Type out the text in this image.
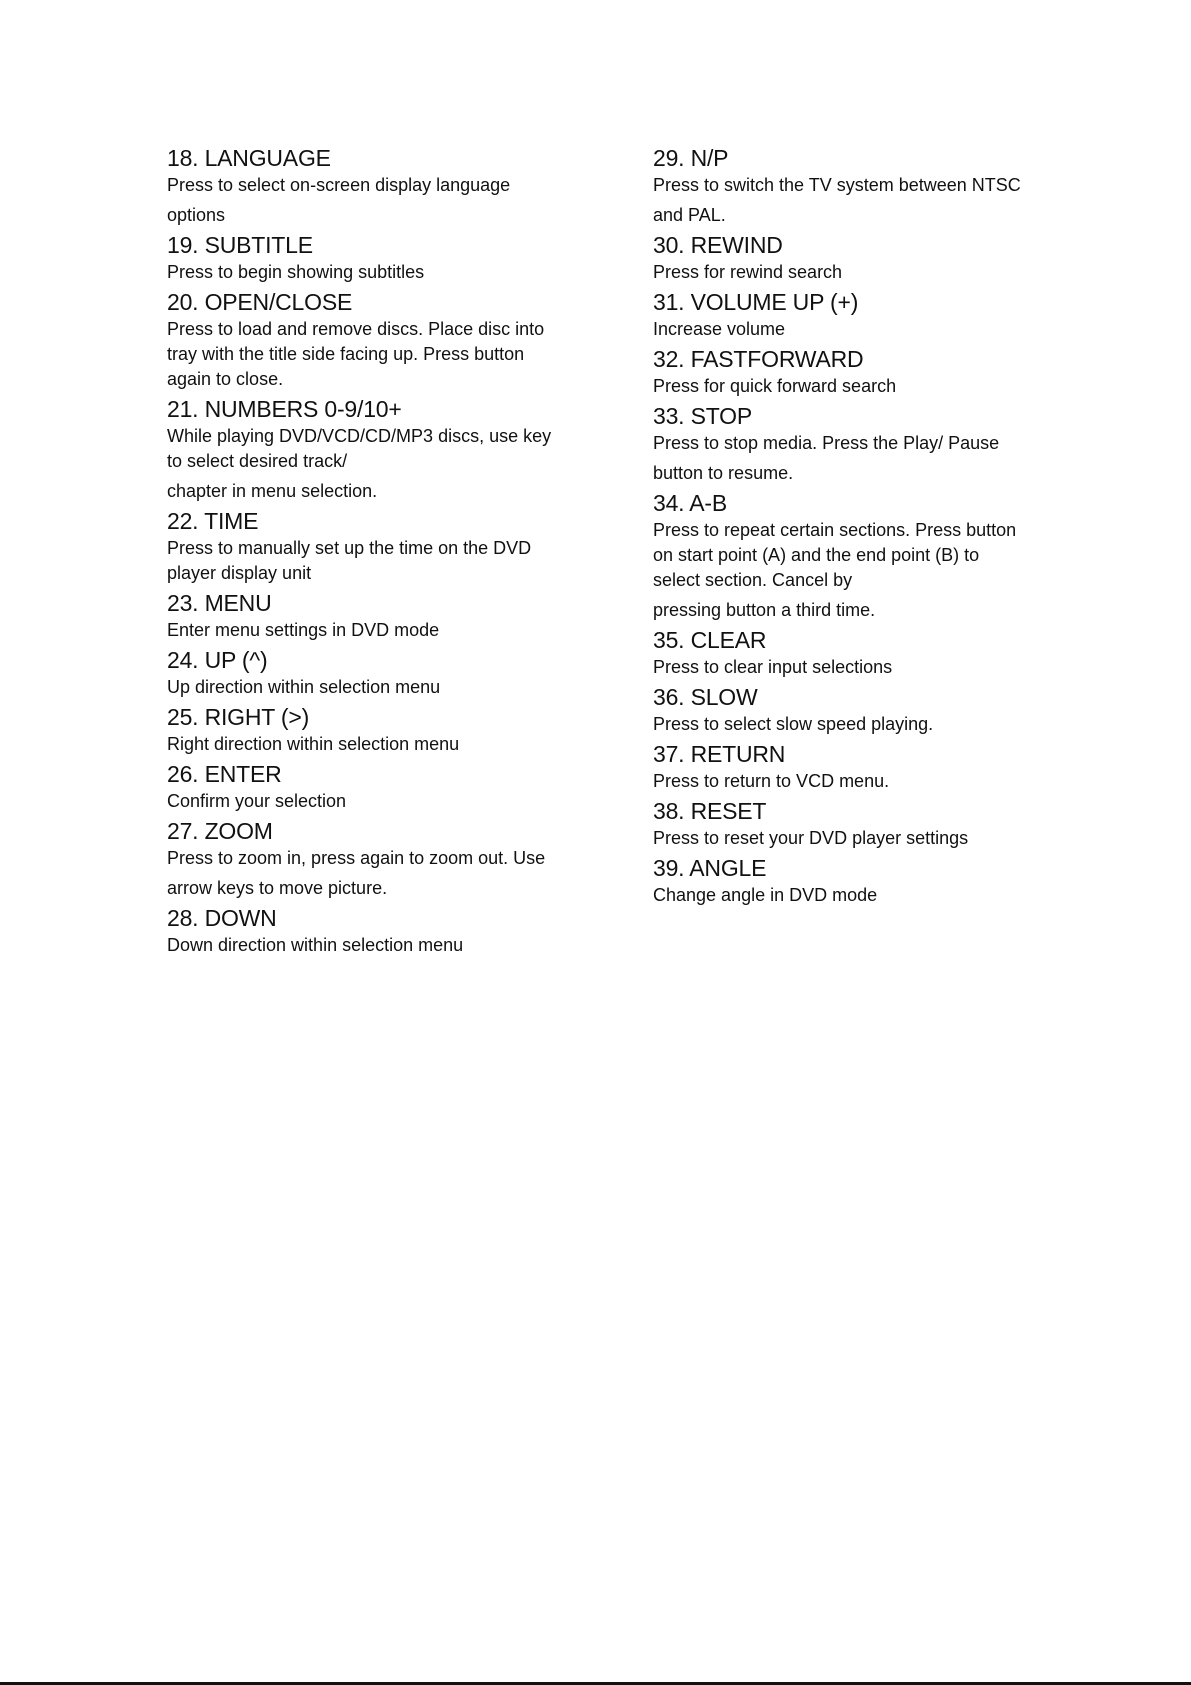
18. LANGUAGE

Press to select on-screen display language
options

19. SUBTITLE

Press to begin showing subtitles

20. OPEN/CLOSE

Press to load and remove discs. Place disc into
tray with the title side facing up. Press button
again to close.

21. NUMBERS 0-9/10+

While playing DVD/VCD/CD/MP3 discs, use key
to select desired track/
chapter in menu selection.

22. TIME

Press to manually set up the time on the DVD
player display unit

23. MENU

Enter menu settings in DVD mode

24. UP (^)

Up direction within selection menu

25. RIGHT (>)

Right direction within selection menu

26. ENTER

Confirm your selection

27. ZOOM

Press to zoom in, press again to zoom out. Use
arrow keys to move picture.

28. DOWN

Down direction within selection menu

29. N/P

Press to switch the TV system between NTSC
and PAL.

30. REWIND

Press for rewind search

31. VOLUME UP (+)

Increase volume

32. FASTFORWARD

Press for quick forward search

33. STOP

Press to stop media. Press the Play/ Pause
button to resume.

34. A-B

Press to repeat certain sections. Press button
on start point (A) and the end point (B) to
select section. Cancel by
pressing button a third time.

35. CLEAR

Press to clear input selections

36. SLOW

Press to select slow speed playing.

37. RETURN

Press to return to VCD menu.

38. RESET

Press to reset your DVD player settings

39. ANGLE

Change angle in DVD mode
